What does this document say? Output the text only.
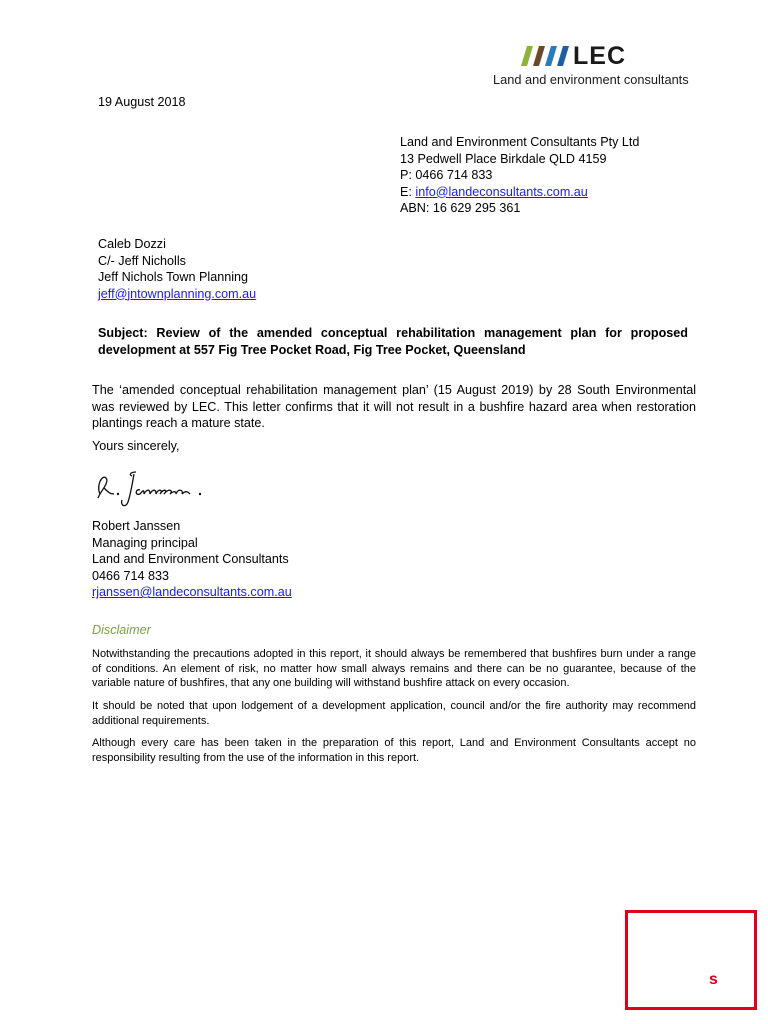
LEC
Land and environment consultants
19 August 2018
Land and Environment Consultants Pty Ltd
13 Pedwell Place Birkdale QLD 4159
P: 0466 714 833
E: info@landeconsultants.com.au
ABN: 16 629 295 361
Caleb Dozzi
C/- Jeff Nicholls
Jeff Nichols Town Planning
jeff@jntownplanning.com.au
Subject: Review of the amended conceptual rehabilitation management plan for proposed development at 557 Fig Tree Pocket Road, Fig Tree Pocket, Queensland
The ‘amended conceptual rehabilitation management plan’ (15 August 2019) by 28 South Environmental was reviewed by LEC. This letter confirms that it will not result in a bushfire hazard area when restoration plantings reach a mature state.
Yours sincerely,
Robert Janssen
Managing principal
Land and Environment Consultants
0466 714 833
rjanssen@landeconsultants.com.au
Disclaimer
Notwithstanding the precautions adopted in this report, it should always be remembered that bushfires burn under a range of conditions. An element of risk, no matter how small always remains and there can be no guarantee, because of the variable nature of bushfires, that any one building will withstand bushfire attack on every occasion.
It should be noted that upon lodgement of a development application, council and/or the fire authority may recommend additional requirements.
Although every care has been taken in the preparation of this report, Land and Environment Consultants accept no responsibility resulting from the use of the information in this report.
s
